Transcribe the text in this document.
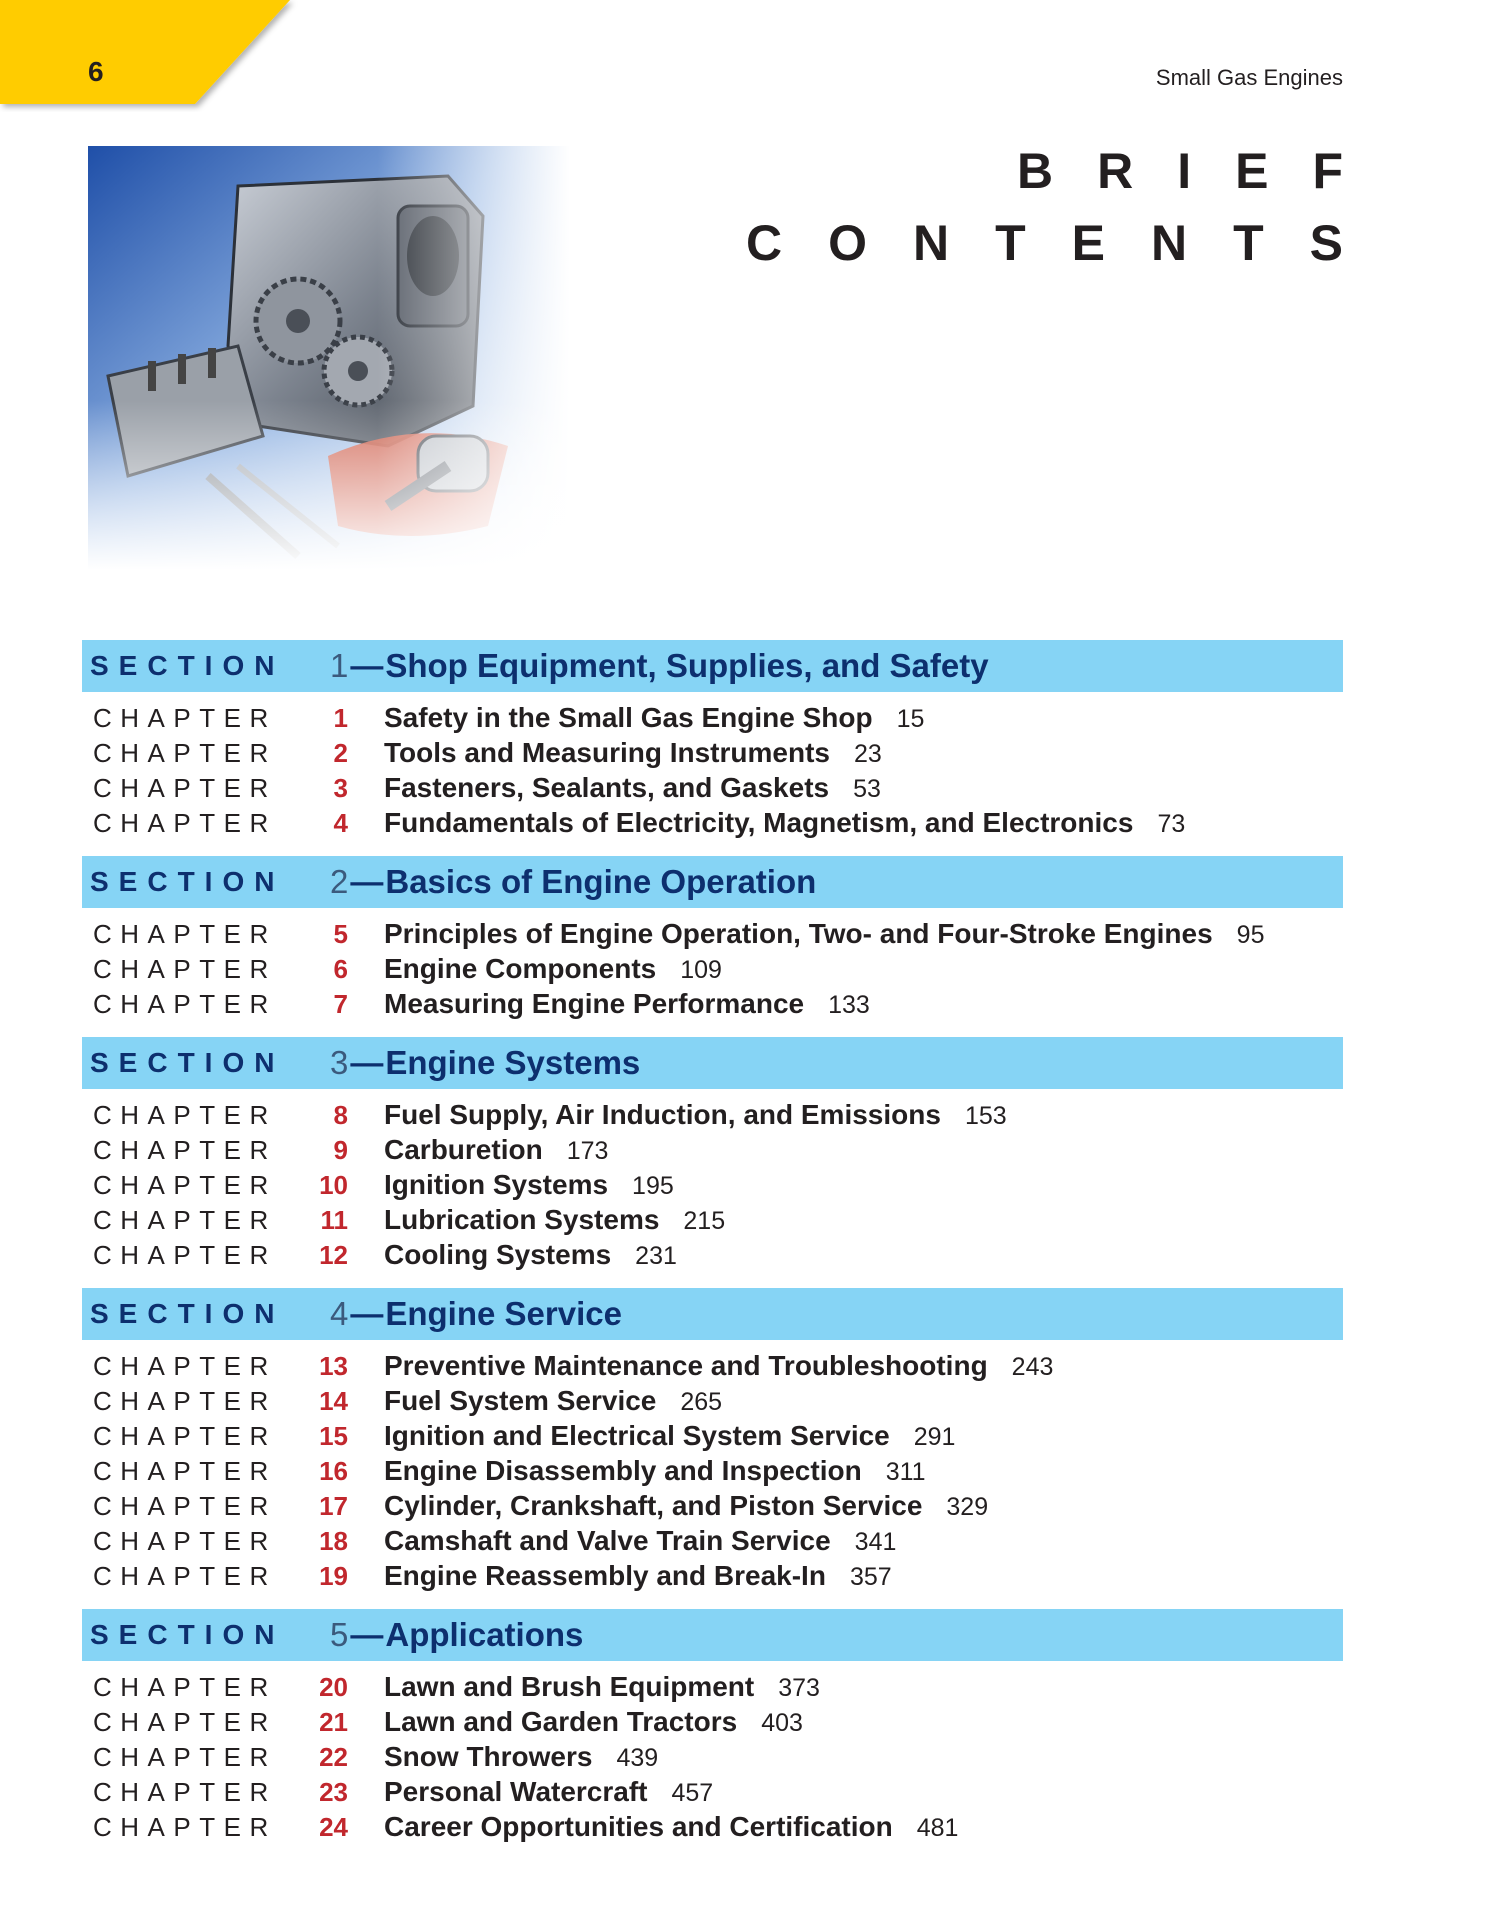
6	Small Gas Engines
BRIEF
CONTENTS
SECTION	1 — Shop Equipment, Supplies, and Safety
CHAPTER	1 Safety in the Small Gas Engine Shop 15
CHAPTER	2 Tools and Measuring Instruments 23
CHAPTER	3 Fasteners, Sealants, and Gaskets 53
CHAPTER	4 Fundamentals of Electricity, Magnetism, and Electronics 73
SECTION	2 — Basics of Engine Operation
CHAPTER	5 Principles of Engine Operation, Two- and Four-Stroke Engines 95
CHAPTER	6 Engine Components 109
CHAPTER	7 Measuring Engine Performance 133
SECTION	3 — Engine Systems
CHAPTER	8 Fuel Supply, Air Induction, and Emissions 153
CHAPTER	9 Carburetion 173
CHAPTER	10 Ignition Systems 195
CHAPTER	11 Lubrication Systems 215
CHAPTER	12 Cooling Systems 231
SECTION	4 — Engine Service
CHAPTER	13 Preventive Maintenance and Troubleshooting 243
CHAPTER	14 Fuel System Service 265
CHAPTER	15 Ignition and Electrical System Service 291
CHAPTER	16 Engine Disassembly and Inspection 311
CHAPTER	17 Cylinder, Crankshaft, and Piston Service 329
CHAPTER	18 Camshaft and Valve Train Service 341
CHAPTER	19 Engine Reassembly and Break-In 357
SECTION	5 — Applications
CHAPTER	20 Lawn and Brush Equipment 373
CHAPTER	21 Lawn and Garden Tractors 403
CHAPTER	22 Snow Throwers 439
CHAPTER	23 Personal Watercraft 457
CHAPTER	24 Career Opportunities and Certification 481
